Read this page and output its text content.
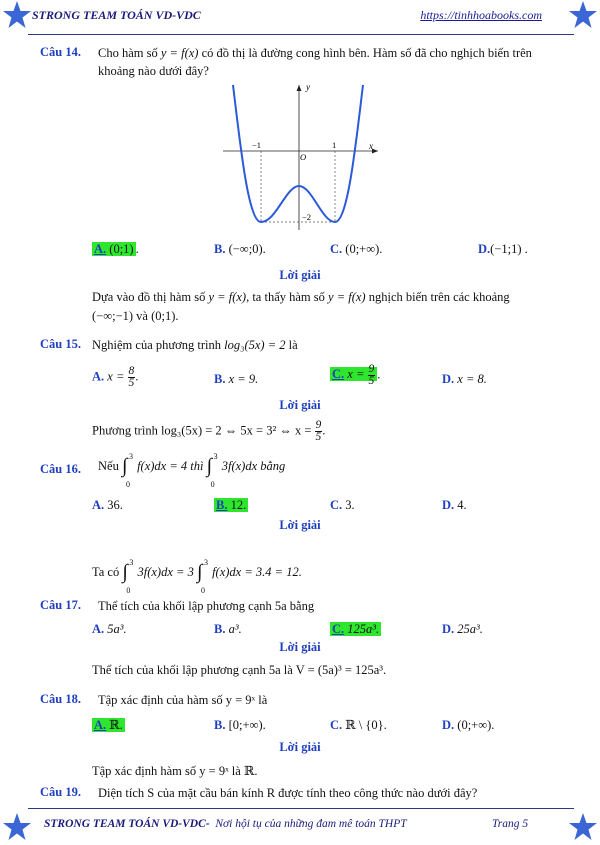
STRONG TEAM TOÁN VD-VDC	https://tinhhoabooks.com
Câu 14. Cho hàm số y = f(x) có đồ thị là đường cong hình bên. Hàm số đã cho nghịch biến trên
khoảng nào dưới đây?
y
x
O
−1	1
−2
A. (0;1) .	B. (−∞;0).	C. (0;+∞).	D.(−1;1) .
Lời giải
Dựa vào đồ thị hàm số y = f(x), ta thấy hàm số y = f(x) nghịch biến trên các khoảng
(−∞;−1) và (0;1).
Câu 15. Nghiệm của phương trình log₃(5x) = 2 là
A. $x = \frac{8}{5}$ .	B. x = 9.	C. $x = \frac{9}{5}$ .	D. x = 8.
Lời giải
Phương trình log₃(5x) = 2 ⇔ 5x = 3² ⇔ $x = \frac{9}{5}$ .
Câu 16. Nếu ∫ 3
0
f(x)dx = 4 thì ∫ 3
0
3f(x)dx bằng
A. 36.	B. 12.	C. 3.	D. 4.
Lời giải
Ta có ∫ 3
0
3f(x)dx = 3 ∫ 3
0
f(x)dx = 3.4 = 12.
Câu 17. Thể tích của khối lập phương cạnh 5a bằng
A. 5a³.	B. a³.	C. 125a³.	D. 25a³.
Lời giải
Thể tích của khối lập phương cạnh 5a là V = (5a)³ = 125a³.
Câu 18. Tập xác định của hàm số y = 9ˣ là
A. ℝ.	B. [0;+∞).	C. ℝ \ {0}.	D. (0;+∞).
Lời giải
Tập xác định hàm số y = 9ˣ là ℝ.
Câu 19. Diện tích S của mặt cầu bán kính R được tính theo công thức nào dưới đây?
STRONG TEAM TOÁN VD-VDC- Nơi hội tụ của những đam mê toán THPT	Trang 5
